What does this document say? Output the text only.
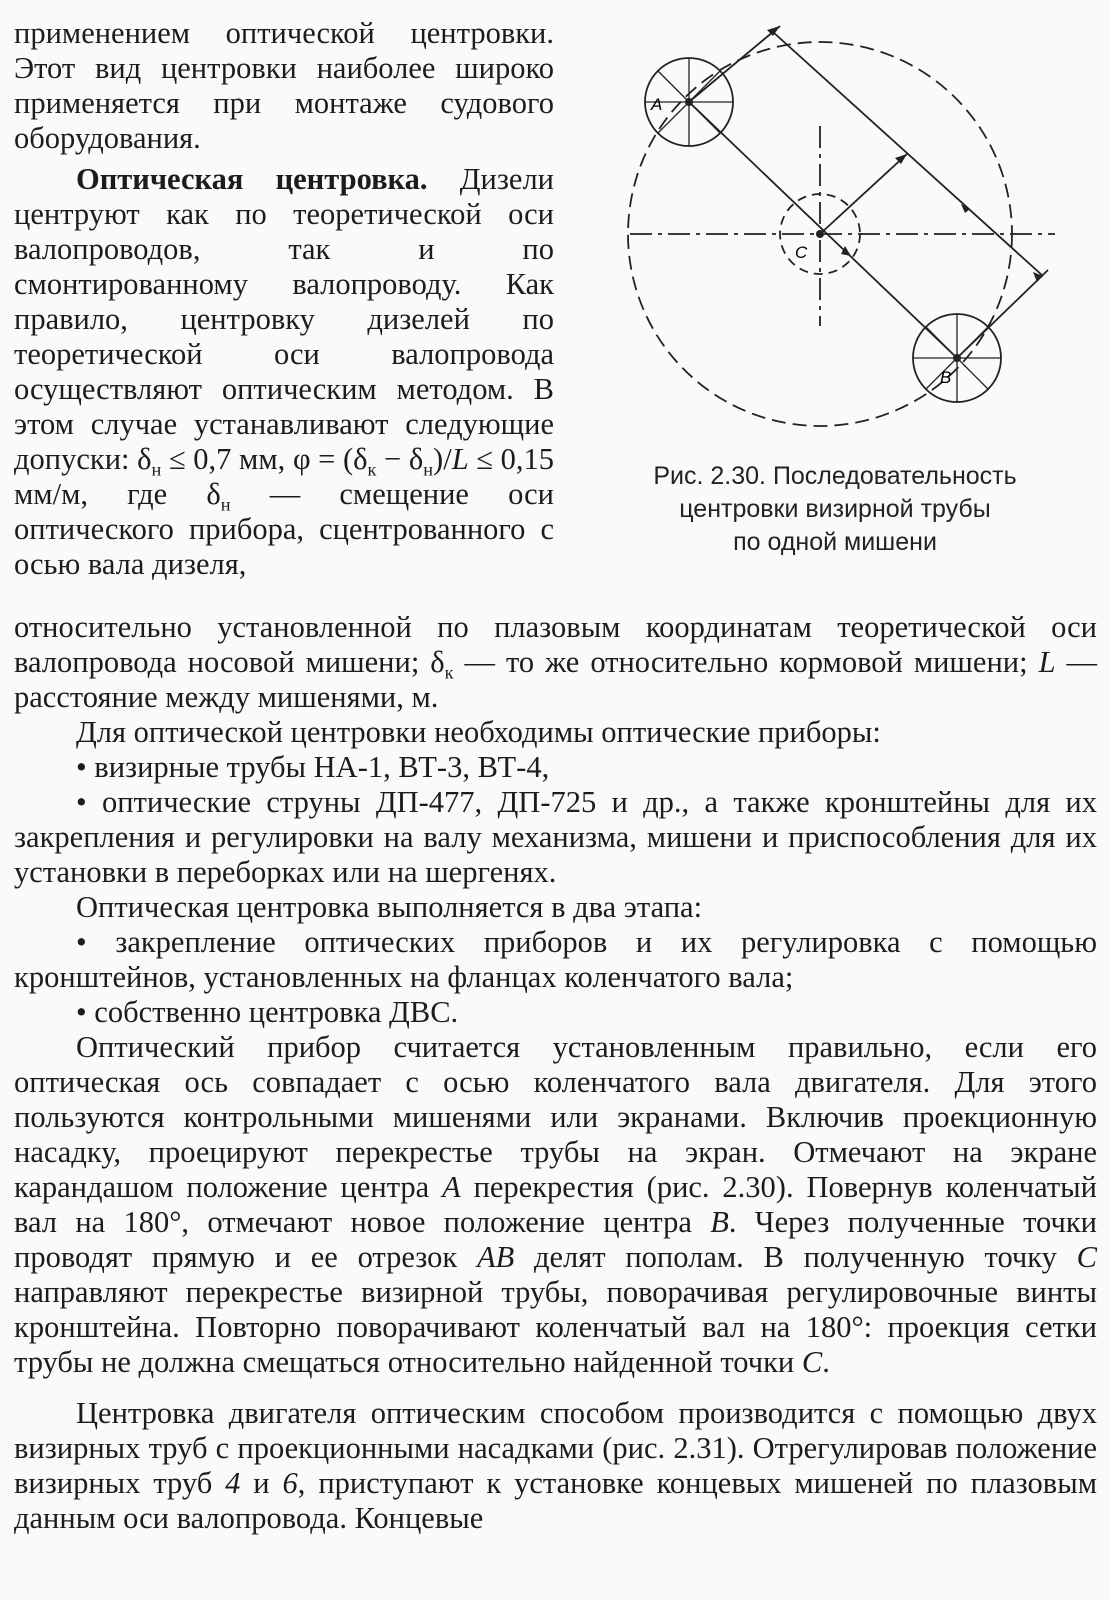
применением оптической центровки. Этот вид центровки наиболее широко применяется при монтаже судового оборудования.

Оптическая центровка. Дизели центруют как по теоретической оси валопроводов, так и по смонтированному валопроводу. Как правило, центровку дизелей по теоретической оси валопровода осуществляют оптическим методом. В этом случае устанавливают следующие допуски: $\delta_н \le 0,7$ мм, $\varphi = (\delta_к - \delta_н)/L \le 0,15$ мм/м, где $\delta_н$ — смещение оси оптического прибора, сцентрованного с осью вала дизеля,

A
B
C
Рис. 2.30. Последовательность
центровки визирной трубы
по одной мишени

относительно установленной по плазовым координатам теоретической оси валопровода носовой мишени; $\delta_к$ — то же относительно кормовой мишени; L — расстояние между мишенями, м.

Для оптической центровки необходимы оптические приборы:

• визирные трубы НА-1, ВТ-3, ВТ-4,

• оптические струны ДП-477, ДП-725 и др., а также кронштейны для их закрепления и регулировки на валу механизма, мишени и приспособления для их установки в переборках или на шергенях.

Оптическая центровка выполняется в два этапа:

• закрепление оптических приборов и их регулировка с помощью кронштейнов, установленных на фланцах коленчатого вала;

• собственно центровка ДВС.

Оптический прибор считается установленным правильно, если его оптическая ось совпадает с осью коленчатого вала двигателя. Для этого пользуются контрольными мишенями или экранами. Включив проекционную насадку, проецируют перекрестье трубы на экран. Отмечают на экране карандашом положение центра A перекрестия (рис. 2.30). Повернув коленчатый вал на 180°, отмечают новое положение центра B. Через полученные точки проводят прямую и ее отрезок AB делят пополам. В полученную точку C направляют перекрестье визирной трубы, поворачивая регулировочные винты кронштейна. Повторно поворачивают коленчатый вал на 180°: проекция сетки трубы не должна смещаться относительно найденной точки C.

Центровка двигателя оптическим способом производится с помощью двух визирных труб с проекционными насадками (рис. 2.31). Отрегулировав положение визирных труб 4 и 6, приступают к установке концевых мишеней по плазовым данным оси валопровода. Концевые
